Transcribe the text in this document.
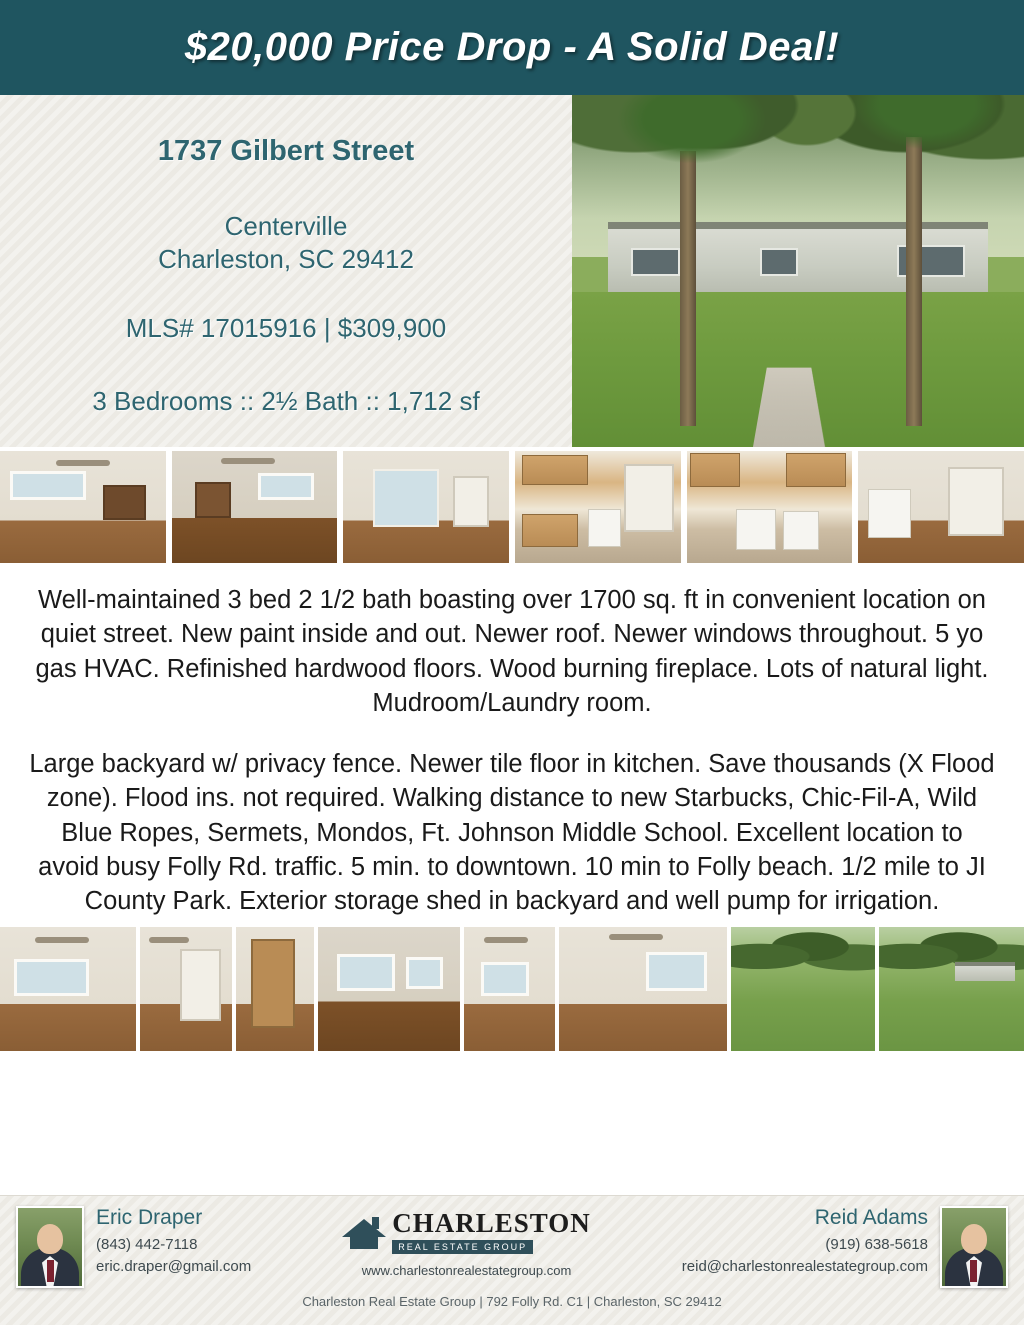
$20,000 Price Drop - A Solid Deal!
1737 Gilbert Street
Centerville
Charleston, SC 29412
MLS# 17015916 | $309,900
3 Bedrooms :: 2½ Bath :: 1,712 sf

Well-maintained 3 bed 2 1/2 bath boasting over 1700 sq. ft in convenient location on quiet street. New paint inside and out. Newer roof. Newer windows throughout. 5 yo gas HVAC. Refinished hardwood floors. Wood burning fireplace. Lots of natural light. Mudroom/Laundry room.

Large backyard w/ privacy fence. Newer tile floor in kitchen. Save thousands (X Flood zone). Flood ins. not required. Walking distance to new Starbucks, Chic-Fil-A, Wild Blue Ropes, Sermets, Mondos, Ft. Johnson Middle School. Excellent location to avoid busy Folly Rd. traffic. 5 min. to downtown. 10 min to Folly beach. 1/2 mile to JI County Park. Exterior storage shed in backyard and well pump for irrigation.

Eric Draper
(843) 442-7118
eric.draper@gmail.com
CHARLESTON
REAL ESTATE GROUP
www.charlestonrealestategroup.com
Reid Adams
(919) 638-5618
reid@charlestonrealestategroup.com
Charleston Real Estate Group | 792 Folly Rd. C1 | Charleston, SC 29412
